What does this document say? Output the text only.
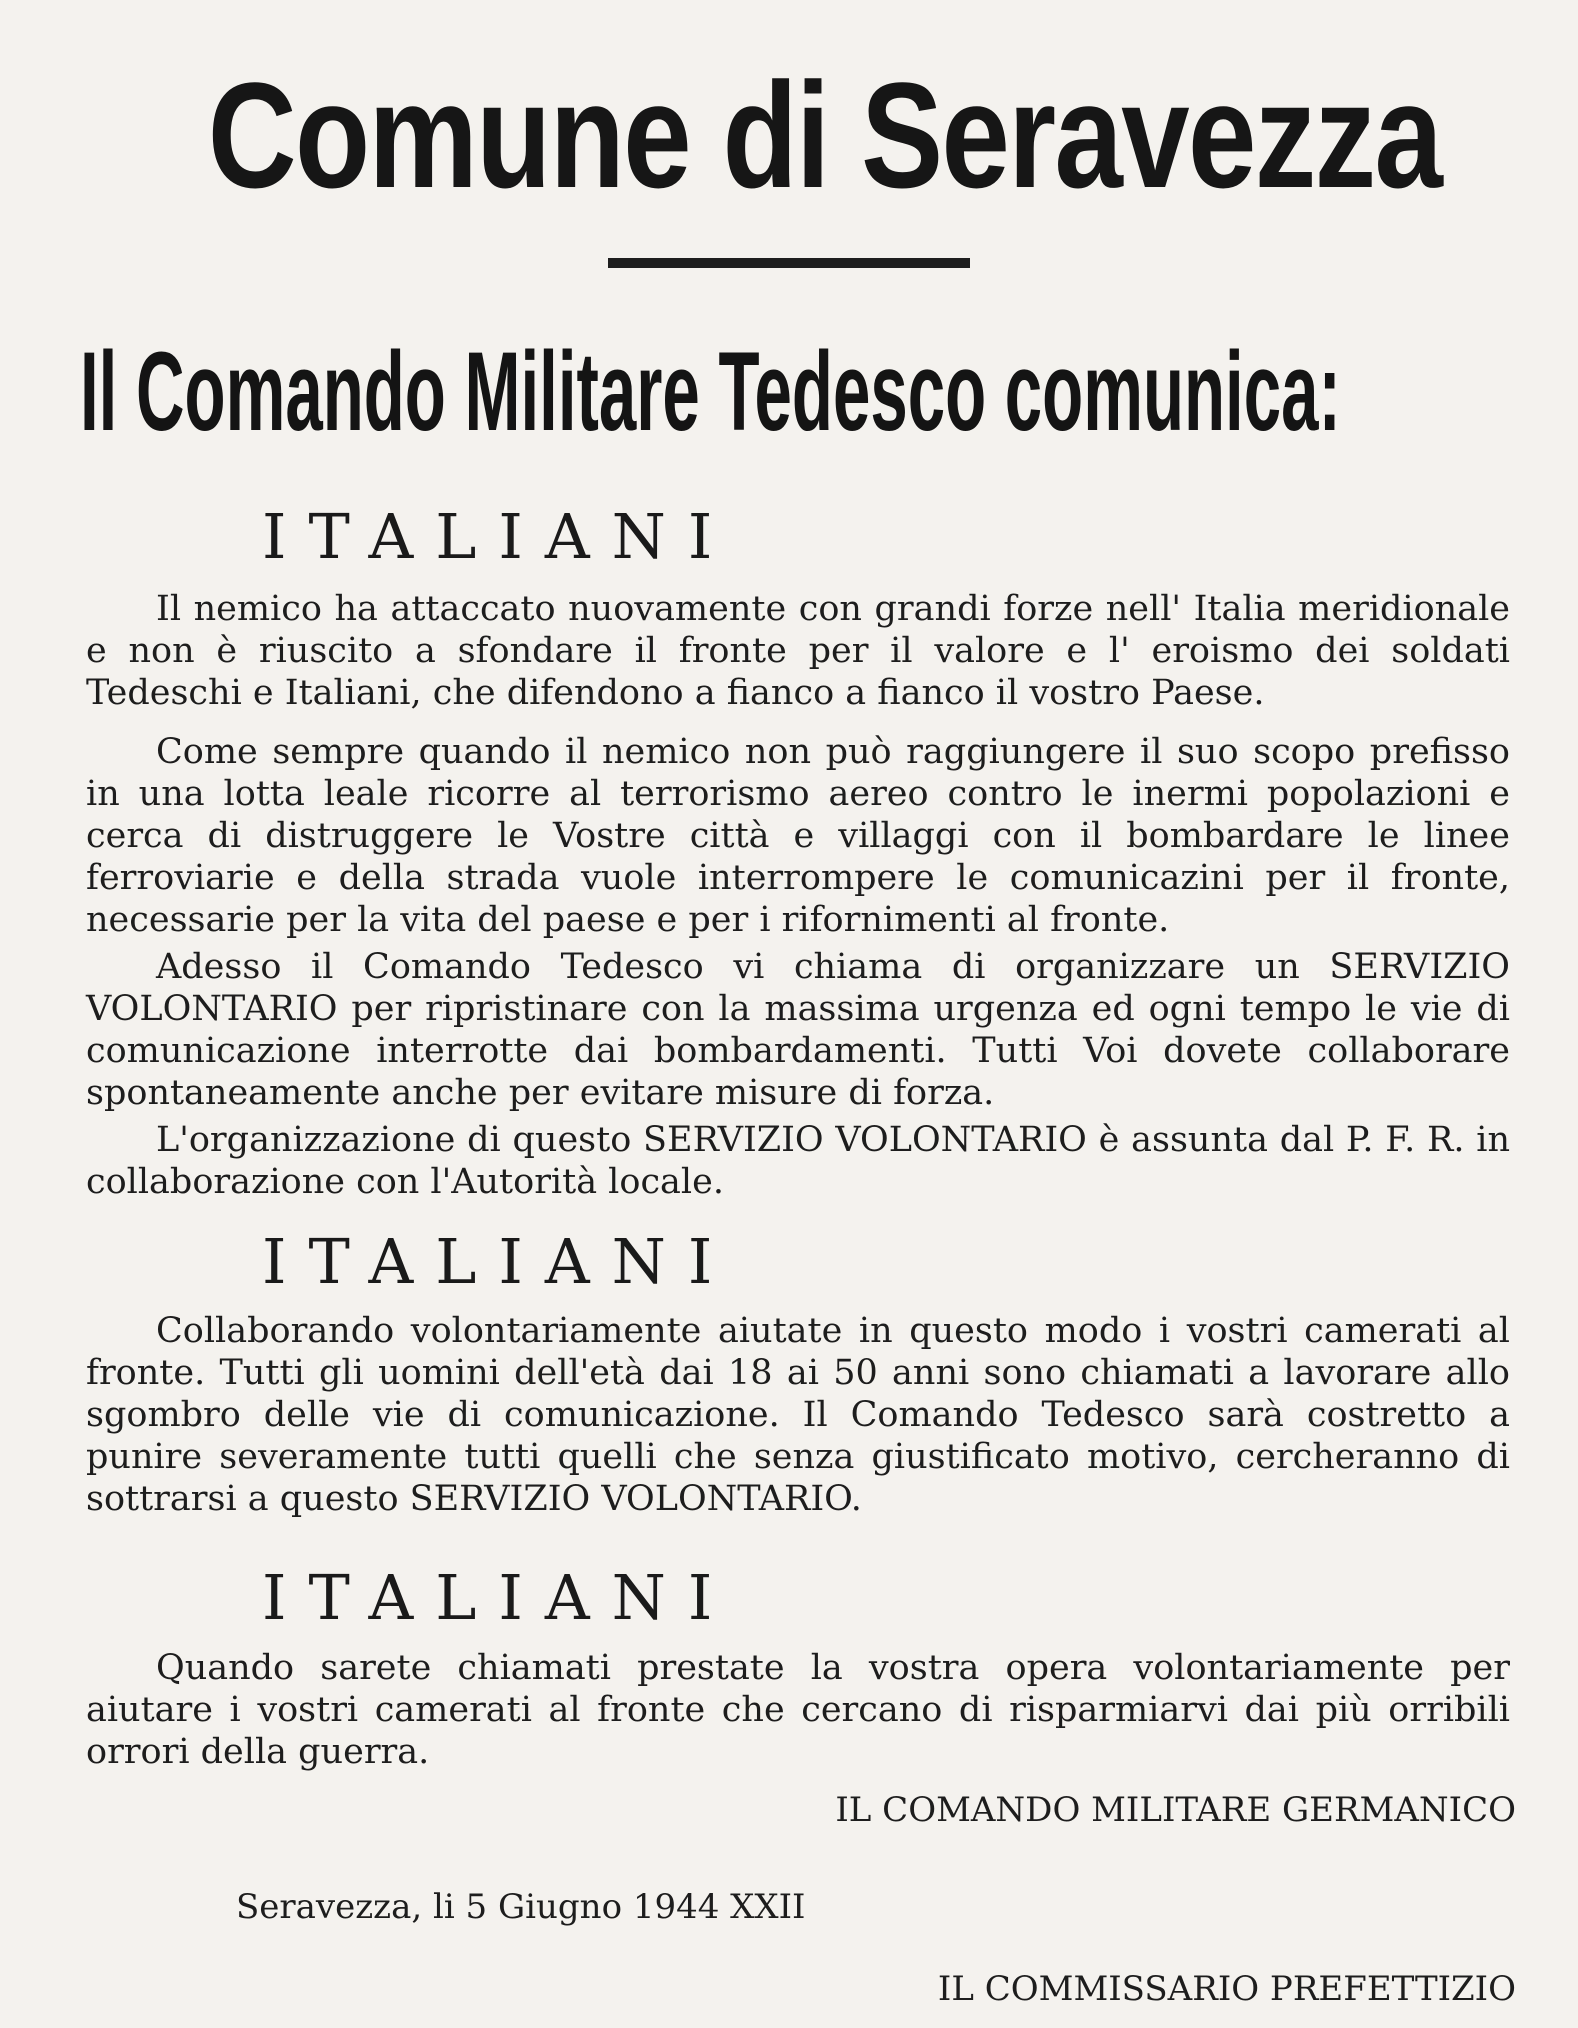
Comune di Seravezza
Il Comando Militare Tedesco comunica:
ITALIANI

Il nemico ha attaccato nuovamente con grandi forze nell' Italia meridionale e non è riuscito a sfondare il fronte per il valore e l' eroismo dei soldati Tedeschi e Italiani, che difendono a fianco a fianco il vostro Paese.

Come sempre quando il nemico non può raggiungere il suo scopo prefisso in una lotta leale ricorre al terrorismo aereo contro le inermi popolazioni e cerca di distruggere le Vostre città e villaggi con il bombardare le linee ferroviarie e della strada vuole interrompere le comunicazini per il fronte, necessarie per la vita del paese e per i rifornimenti al fronte.

Adesso il Comando Tedesco vi chiama di organizzare un SERVIZIO VOLONTARIO per ripristinare con la massima urgenza ed ogni tempo le vie di comunicazione interrotte dai bombardamenti. Tutti Voi dovete collaborare spontaneamente anche per evitare misure di forza.

L'organizzazione di questo SERVIZIO VOLONTARIO è assunta dal P. F. R. in collaborazione con l'Autorità locale.

ITALIANI

Collaborando volontariamente aiutate in questo modo i vostri camerati al fronte. Tutti gli uomini dell'età dai 18 ai 50 anni sono chiamati a lavorare allo sgombro delle vie di comunicazione. Il Comando Tedesco sarà costretto a punire severamente tutti quelli che senza giustificato motivo, cercheranno di sottrarsi a questo SERVIZIO VOLONTARIO.

ITALIANI

Quando sarete chiamati prestate la vostra opera volontariamente per aiutare i vostri camerati al fronte che cercano di risparmiarvi dai più orribili orrori della guerra.

IL COMANDO MILITARE GERMANICO
Seravezza, li 5 Giugno 1944 XXII
IL COMMISSARIO PREFETTIZIO
